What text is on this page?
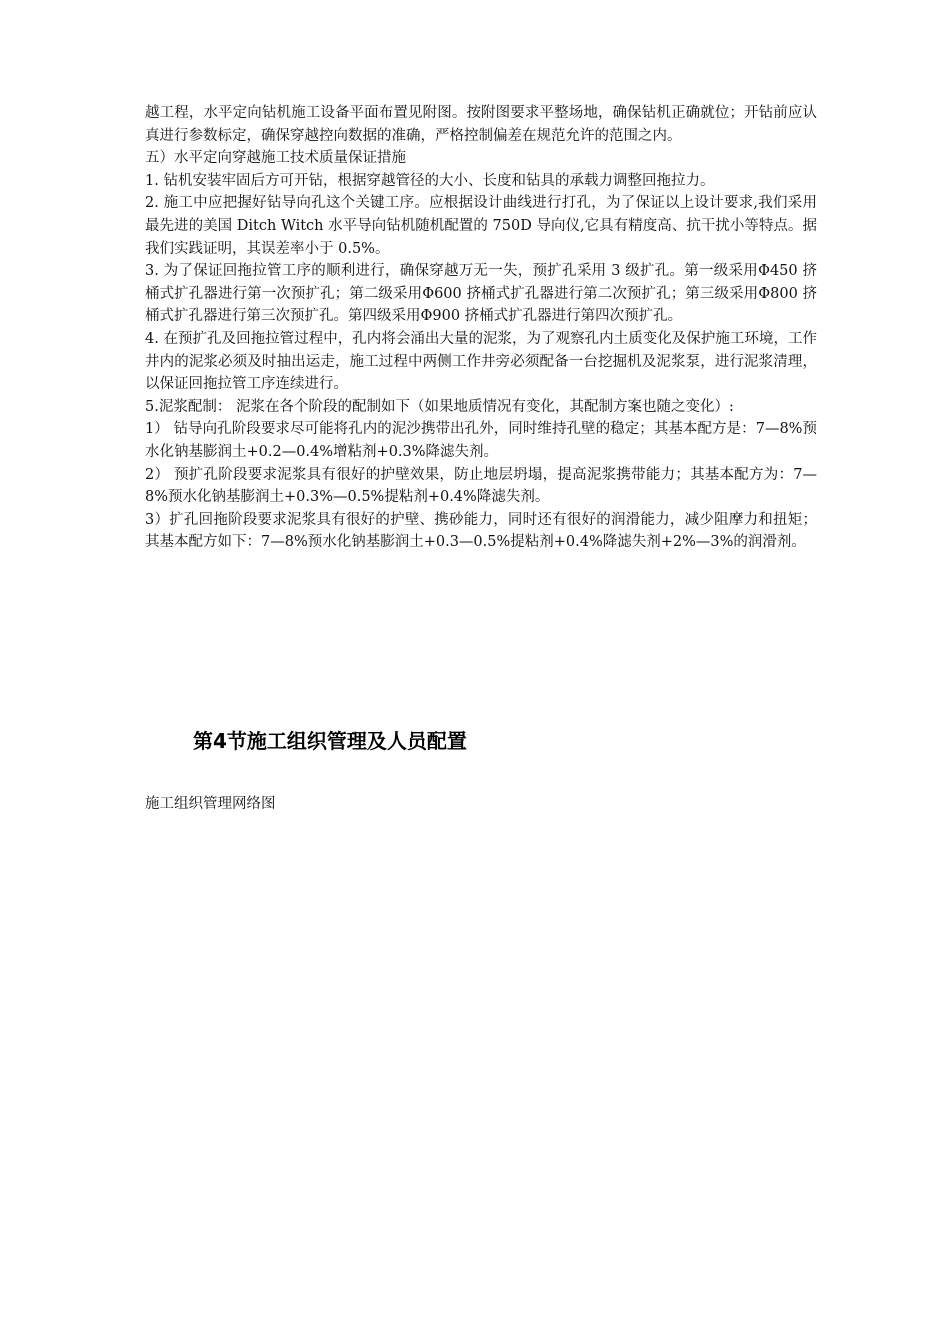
越工程，水平定向钻机施工设备平面布置见附图。按附图要求平整场地，确保钻机正确就位；开钻前应认真进行参数标定，确保穿越控向数据的准确，严格控制偏差在规范允许的范围之内。

五）水平定向穿越施工技术质量保证措施

1. 钻机安装牢固后方可开钻，根据穿越管径的大小、长度和钻具的承载力调整回拖拉力。

2. 施工中应把握好钻导向孔这个关键工序。应根据设计曲线进行打孔，为了保证以上设计要求,我们采用最先进的美国 Ditch Witch 水平导向钻机随机配置的 750D 导向仪,它具有精度高、抗干扰小等特点。据我们实践证明，其误差率小于 0.5%。

3. 为了保证回拖拉管工序的顺利进行，确保穿越万无一失，预扩孔采用 3 级扩孔。第一级采用Φ450 挤桶式扩孔器进行第一次预扩孔；第二级采用Φ600 挤桶式扩孔器进行第二次预扩孔；第三级采用Φ800 挤桶式扩孔器进行第三次预扩孔。第四级采用Φ900 挤桶式扩孔器进行第四次预扩孔。

4. 在预扩孔及回拖拉管过程中，孔内将会涌出大量的泥浆，为了观察孔内土质变化及保护施工环境，工作井内的泥浆必须及时抽出运走，施工过程中两侧工作井旁必须配备一台挖掘机及泥浆泵，进行泥浆清理，以保证回拖拉管工序连续进行。

5.泥浆配制： 泥浆在各个阶段的配制如下（如果地质情况有变化，其配制方案也随之变化）:

1） 钻导向孔阶段要求尽可能将孔内的泥沙携带出孔外，同时维持孔壁的稳定；其基本配方是：7—8%预水化钠基膨润土+0.2—0.4%增粘剂+0.3%降滤失剂。

2） 预扩孔阶段要求泥浆具有很好的护壁效果，防止地层坍塌，提高泥浆携带能力；其基本配方为：7—8%预水化钠基膨润土+0.3%—0.5%提粘剂+0.4%降滤失剂。

3）扩孔回拖阶段要求泥浆具有很好的护壁、携砂能力，同时还有很好的润滑能力，减少阻摩力和扭矩；其基本配方如下：7—8%预水化钠基膨润土+0.3—0.5%提粘剂+0.4%降滤失剂+2%—3%的润滑剂。

第4节施工组织管理及人员配置

施工组织管理网络图
